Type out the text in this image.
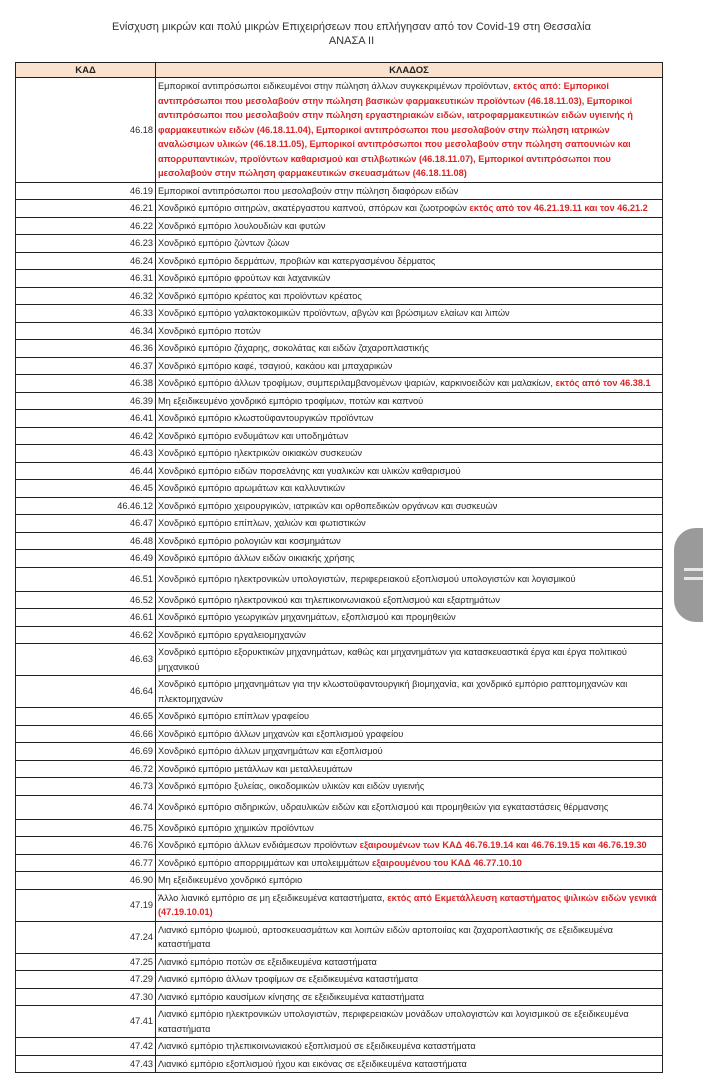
Ενίσχυση μικρών και πολύ μικρών Επιχειρήσεων που επλήγησαν από τον Covid-19 στη Θεσσαλία
ΑΝΑΣΑ ΙΙ
ΚΑΔ	ΚΛΑΔΟΣ
46.18	Εμπορικοί αντιπρόσωποι ειδικευμένοι στην πώληση άλλων συγκεκριμένων προϊόντων, εκτός από: Εμπορικοί αντιπρόσωποι που μεσολαβούν στην πώληση βασικών φαρμακευτικών προϊόντων (46.18.11.03), Εμπορικοί αντιπρόσωποι που μεσολαβούν στην πώληση εργαστηριακών ειδών, ιατροφαρμακευτικών ειδών υγιεινής ή φαρμακευτικών ειδών (46.18.11.04), Εμπορικοί αντιπρόσωποι που μεσολαβούν στην πώληση ιατρικών αναλώσιμων υλικών (46.18.11.05), Εμπορικοί αντιπρόσωποι που μεσολαβούν στην πώληση σαπουνιών και απορρυπαντικών, προϊόντων καθαρισμού και στιλβωτικών (46.18.11.07), Εμπορικοί αντιπρόσωποι που μεσολαβούν στην πώληση φαρμακευτικών σκευασμάτων (46.18.11.08)
46.19	Εμπορικοί αντιπρόσωποι που μεσολαβούν στην πώληση διαφόρων ειδών
46.21	Χονδρικό εμπόριο σιτηρών, ακατέργαστου καπνού, σπόρων και ζωοτροφών εκτός από τον 46.21.19.11 και τον 46.21.2
46.22	Χονδρικό εμπόριο λουλουδιών και φυτών
46.23	Χονδρικό εμπόριο ζώντων ζώων
46.24	Χονδρικό εμπόριο δερμάτων, προβιών και κατεργασμένου δέρματος
46.31	Χονδρικό εμπόριο φρούτων και λαχανικών
46.32	Χονδρικό εμπόριο κρέατος και προϊόντων κρέατος
46.33	Χονδρικό εμπόριο γαλακτοκομικών προϊόντων, αβγών και βρώσιμων ελαίων και λιπών
46.34	Χονδρικό εμπόριο ποτών
46.36	Χονδρικό εμπόριο ζάχαρης, σοκολάτας και ειδών ζαχαροπλαστικής
46.37	Χονδρικό εμπόριο καφέ, τσαγιού, κακάου και μπαχαρικών
46.38	Χονδρικό εμπόριο άλλων τροφίμων, συμπεριλαμβανομένων ψαριών, καρκινοειδών και μαλακίων, εκτός από τον 46.38.1
46.39	Μη εξειδικευμένο χονδρικό εμπόριο τροφίμων, ποτών και καπνού
46.41	Χονδρικό εμπόριο κλωστοϋφαντουργικών προϊόντων
46.42	Χονδρικό εμπόριο ενδυμάτων και υποδημάτων
46.43	Χονδρικό εμπόριο ηλεκτρικών οικιακών συσκευών
46.44	Χονδρικό εμπόριο ειδών πορσελάνης και γυαλικών και υλικών καθαρισμού
46.45	Χονδρικό εμπόριο αρωμάτων και καλλυντικών
46.46.12	Χονδρικό εμπόριο χειρουργικών, ιατρικών και ορθοπεδικών οργάνων και συσκευών
46.47	Χονδρικό εμπόριο επίπλων, χαλιών και φωτιστικών
46.48	Χονδρικό εμπόριο ρολογιών και κοσμημάτων
46.49	Χονδρικό εμπόριο άλλων ειδών οικιακής χρήσης
46.51	Χονδρικό εμπόριο ηλεκτρονικών υπολογιστών, περιφερειακού εξοπλισμού υπολογιστών και λογισμικού
46.52	Χονδρικό εμπόριο ηλεκτρονικού και τηλεπικοινωνιακού εξοπλισμού και εξαρτημάτων
46.61	Χονδρικό εμπόριο γεωργικών μηχανημάτων, εξοπλισμού και προμηθειών
46.62	Χονδρικό εμπόριο εργαλειομηχανών
46.63	Χονδρικό εμπόριο εξορυκτικών μηχανημάτων, καθώς και μηχανημάτων για κατασκευαστικά έργα και έργα πολιτικού μηχανικού
46.64	Χονδρικό εμπόριο μηχανημάτων για την κλωστοϋφαντουργική βιομηχανία, και χονδρικό εμπόριο ραπτομηχανών και πλεκτομηχανών
46.65	Χονδρικό εμπόριο επίπλων γραφείου
46.66	Χονδρικό εμπόριο άλλων μηχανών και εξοπλισμού γραφείου
46.69	Χονδρικό εμπόριο άλλων μηχανημάτων και εξοπλισμού
46.72	Χονδρικό εμπόριο μετάλλων και μεταλλευμάτων
46.73	Χονδρικό εμπόριο ξυλείας, οικοδομικών υλικών και ειδών υγιεινής
46.74	Χονδρικό εμπόριο σιδηρικών, υδραυλικών ειδών και εξοπλισμού και προμηθειών για εγκαταστάσεις θέρμανσης
46.75	Χονδρικό εμπόριο χημικών προϊόντων
46.76	Χονδρικό εμπόριο άλλων ενδιάμεσων προϊόντων εξαιρουμένων των ΚΑΔ 46.76.19.14 και 46.76.19.15 και 46.76.19.30
46.77	Χονδρικό εμπόριο απορριμμάτων και υπολειμμάτων εξαιρουμένου του ΚΑΔ 46.77.10.10
46.90	Μη εξειδικευμένο χονδρικό εμπόριο
47.19	Άλλο λιανικό εμπόριο σε μη εξειδικευμένα καταστήματα, εκτός από Εκμετάλλευση καταστήματος ψιλικών ειδών γενικά (47.19.10.01)
47.24	Λιανικό εμπόριο ψωμιού, αρτοσκευασμάτων και λοιπών ειδών αρτοποιίας και ζαχαροπλαστικής σε εξειδικευμένα καταστήματα
47.25	Λιανικό εμπόριο ποτών σε εξειδικευμένα καταστήματα
47.29	Λιανικό εμπόριο άλλων τροφίμων σε εξειδικευμένα καταστήματα
47.30	Λιανικό εμπόριο καυσίμων κίνησης σε εξειδικευμένα καταστήματα
47.41	Λιανικό εμπόριο ηλεκτρονικών υπολογιστών, περιφερειακών μονάδων υπολογιστών και λογισμικού σε εξειδικευμένα καταστήματα
47.42	Λιανικό εμπόριο τηλεπικοινωνιακού εξοπλισμού σε εξειδικευμένα καταστήματα
47.43	Λιανικό εμπόριο εξοπλισμού ήχου και εικόνας σε εξειδικευμένα καταστήματα
